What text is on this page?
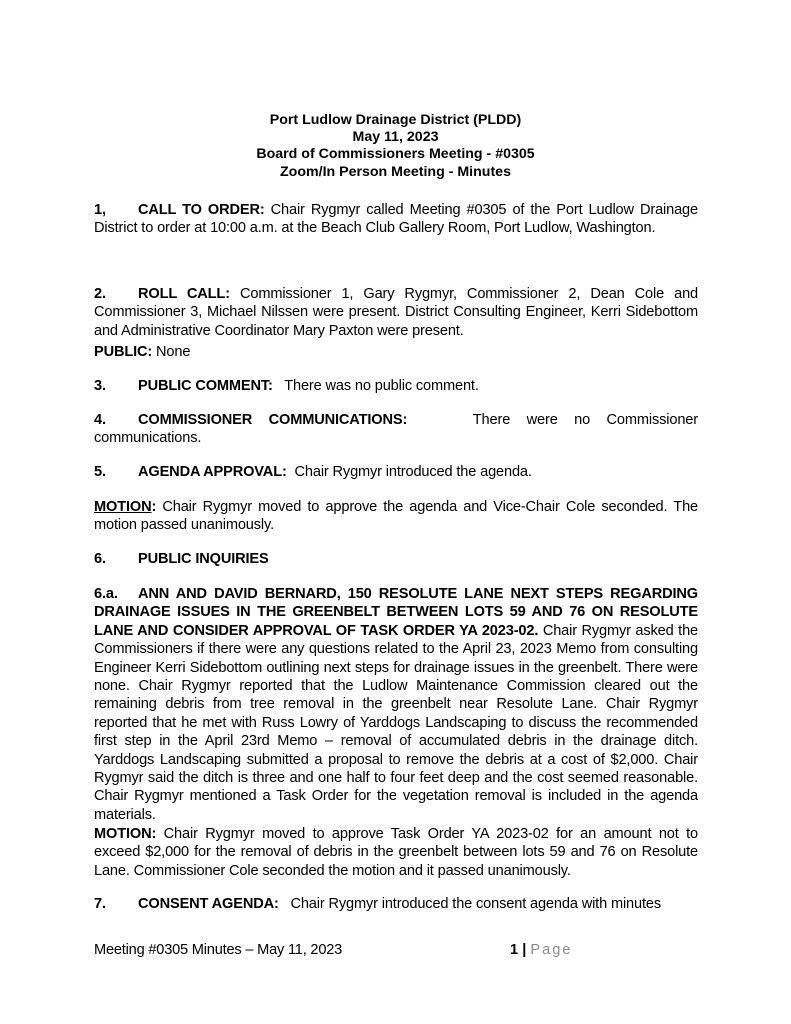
Port Ludlow Drainage District (PLDD)
May 11, 2023
Board of Commissioners Meeting - #0305
Zoom/In Person Meeting - Minutes
1, CALL TO ORDER: Chair Rygmyr called Meeting #0305 of the Port Ludlow Drainage District to order at 10:00 a.m. at the Beach Club Gallery Room, Port Ludlow, Washington.
2. ROLL CALL: Commissioner 1, Gary Rygmyr, Commissioner 2, Dean Cole and Commissioner 3, Michael Nilssen were present. District Consulting Engineer, Kerri Sidebottom and Administrative Coordinator Mary Paxton were present.
PUBLIC: None
3. PUBLIC COMMENT: There was no public comment.
4. COMMISSIONER COMMUNICATIONS:	There were no Commissioner communications.
5. AGENDA APPROVAL: Chair Rygmyr introduced the agenda.
MOTION: Chair Rygmyr moved to approve the agenda and Vice-Chair Cole seconded. The motion passed unanimously.
6. PUBLIC INQUIRIES
6.a. ANN AND DAVID BERNARD, 150 RESOLUTE LANE NEXT STEPS REGARDING DRAINAGE ISSUES IN THE GREENBELT BETWEEN LOTS 59 AND 76 ON RESOLUTE LANE AND CONSIDER APPROVAL OF TASK ORDER YA 2023-02. Chair Rygmyr asked the Commissioners if there were any questions related to the April 23, 2023 Memo from consulting Engineer Kerri Sidebottom outlining next steps for drainage issues in the greenbelt. There were none. Chair Rygmyr reported that the Ludlow Maintenance Commission cleared out the remaining debris from tree removal in the greenbelt near Resolute Lane. Chair Rygmyr reported that he met with Russ Lowry of Yarddogs Landscaping to discuss the recommended first step in the April 23rd Memo – removal of accumulated debris in the drainage ditch. Yarddogs Landscaping submitted a proposal to remove the debris at a cost of $2,000. Chair Rygmyr said the ditch is three and one half to four feet deep and the cost seemed reasonable. Chair Rygmyr mentioned a Task Order for the vegetation removal is included in the agenda materials.
MOTION: Chair Rygmyr moved to approve Task Order YA 2023-02 for an amount not to exceed $2,000 for the removal of debris in the greenbelt between lots 59 and 76 on Resolute Lane. Commissioner Cole seconded the motion and it passed unanimously.
7. CONSENT AGENDA: Chair Rygmyr introduced the consent agenda with minutes
Meeting #0305 Minutes – May 11, 2023	1 | Page
